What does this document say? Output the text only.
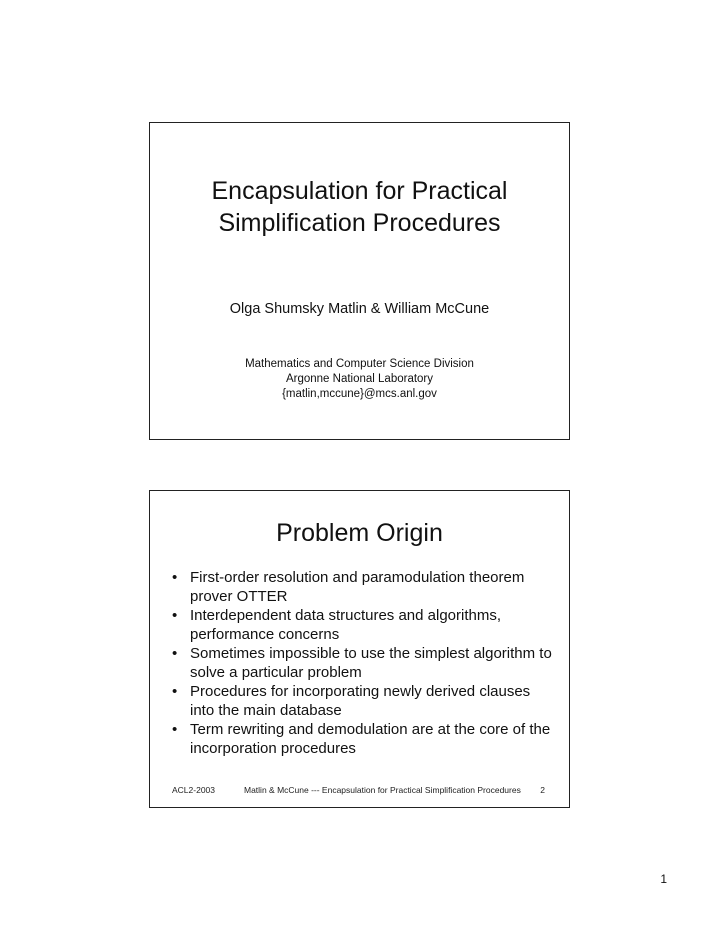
Encapsulation for Practical
Simplification Procedures
Olga Shumsky Matlin & William McCune
Mathematics and Computer Science Division
Argonne National Laboratory
{matlin,mccune}@mcs.anl.gov
Problem Origin
• First-order resolution and paramodulation theorem prover OTTER
• Interdependent data structures and algorithms, performance concerns
• Sometimes impossible to use the simplest algorithm to solve a particular problem
• Procedures for incorporating newly derived clauses into the main database
• Term rewriting and demodulation are at the core of the incorporation procedures
ACL2-2003	Matlin & McCune --- Encapsulation for Practical Simplification Procedures 2
1
